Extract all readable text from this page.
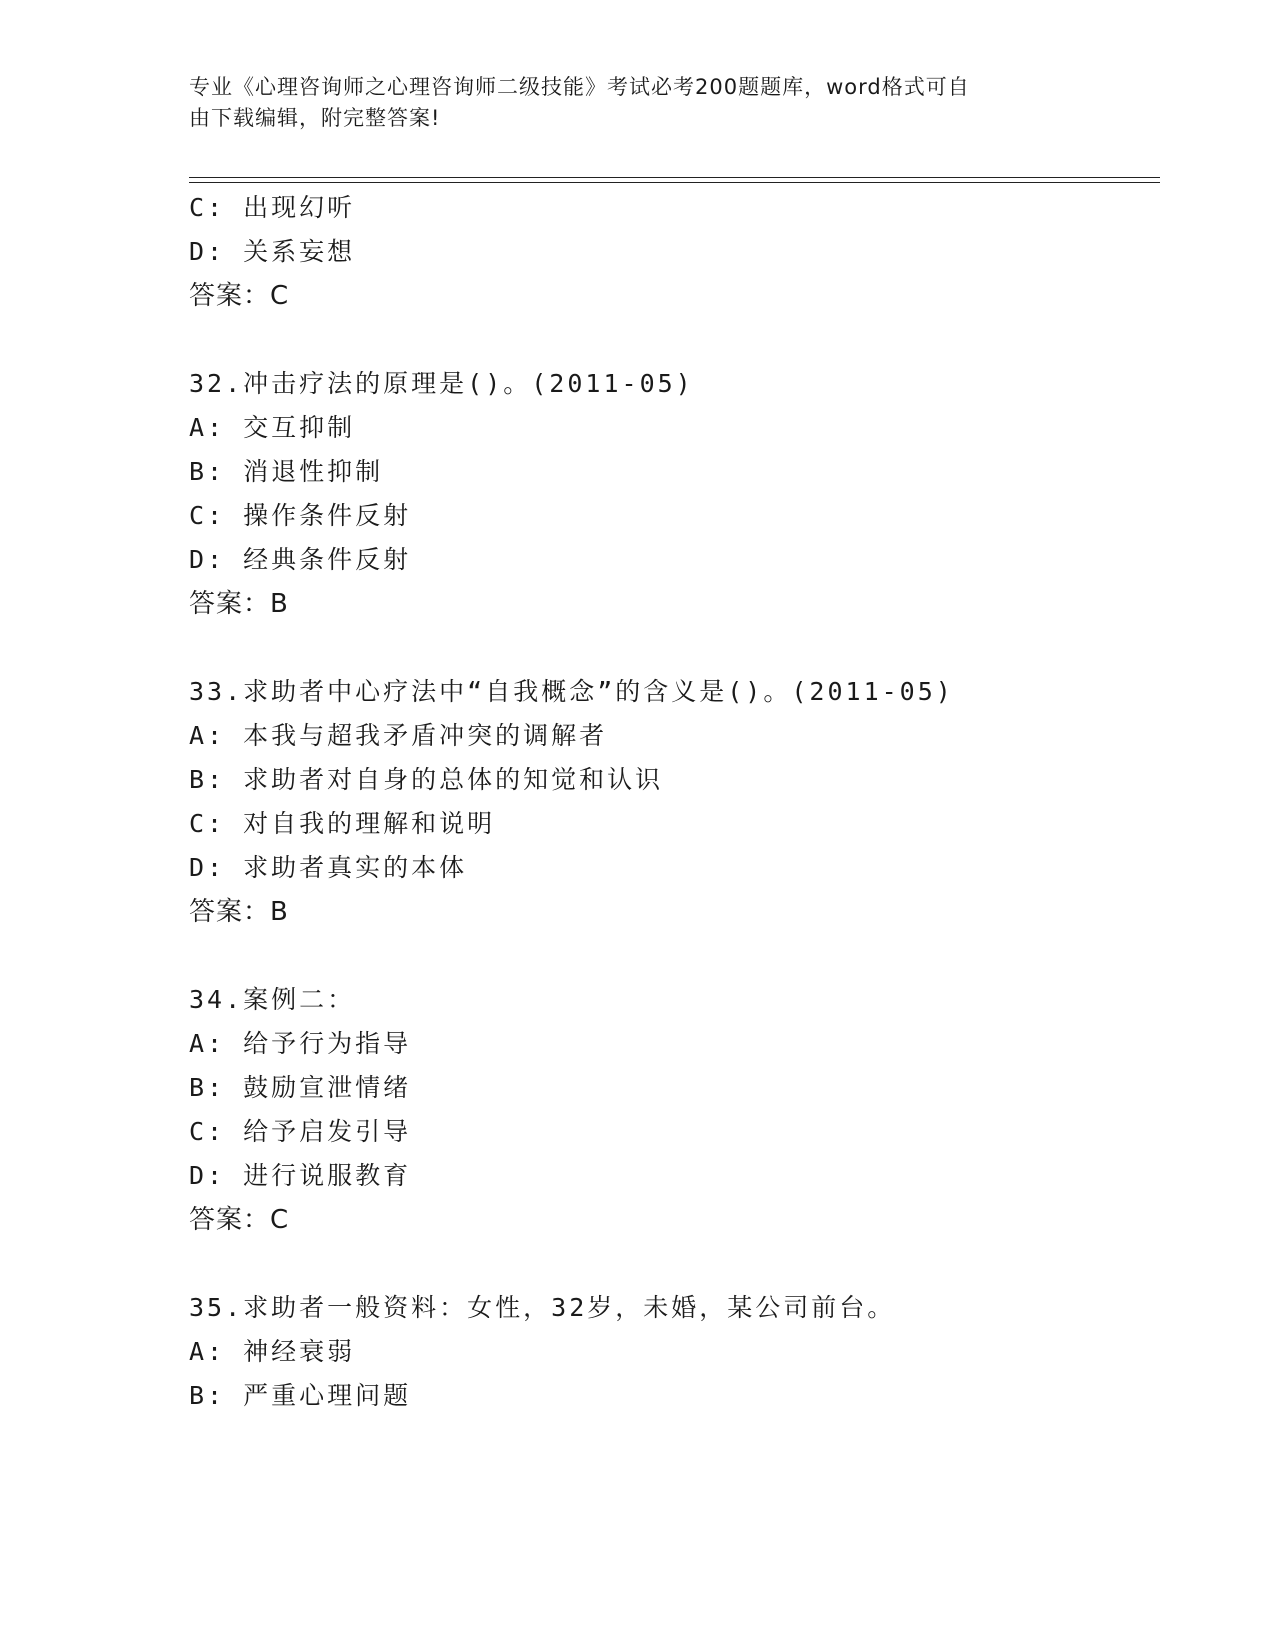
专业《心理咨询师之心理咨询师二级技能》考试必考200题题库，word格式可自
由下载编辑，附完整答案!
C: 出现幻听
D: 关系妄想
答案：C
32.冲击疗法的原理是()。(2011-05)
A: 交互抑制
B: 消退性抑制
C: 操作条件反射
D: 经典条件反射
答案：B
33.求助者中心疗法中“自我概念”的含义是()。(2011-05)
A: 本我与超我矛盾冲突的调解者
B: 求助者对自身的总体的知觉和认识
C: 对自我的理解和说明
D: 求助者真实的本体
答案：B
34.案例二：
A: 给予行为指导
B: 鼓励宣泄情绪
C: 给予启发引导
D: 进行说服教育
答案：C
35.求助者一般资料：女性，32岁，未婚，某公司前台。
A: 神经衰弱
B: 严重心理问题
